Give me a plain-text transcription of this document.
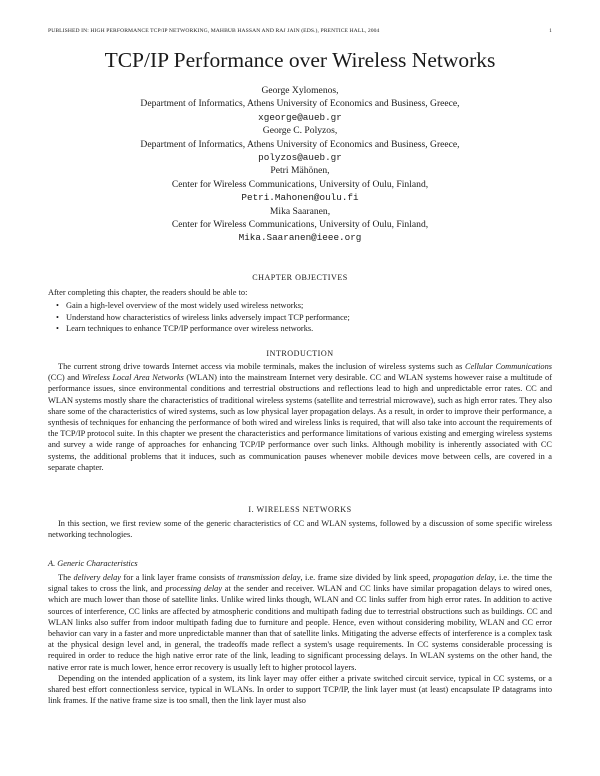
PUBLISHED IN: HIGH PERFORMANCE TCP/IP NETWORKING, MAHBUB HASSAN AND RAJ JAIN (EDS.), PRENTICE HALL, 2004	1
TCP/IP Performance over Wireless Networks
George Xylomenos,
Department of Informatics, Athens University of Economics and Business, Greece,
xgeorge@aueb.gr
George C. Polyzos,
Department of Informatics, Athens University of Economics and Business, Greece,
polyzos@aueb.gr
Petri Mähönen,
Center for Wireless Communications, University of Oulu, Finland,
Petri.Mahonen@oulu.fi
Mika Saaranen,
Center for Wireless Communications, University of Oulu, Finland,
Mika.Saaranen@ieee.org
CHAPTER OBJECTIVES
After completing this chapter, the readers should be able to:
• Gain a high-level overview of the most widely used wireless networks;
• Understand how characteristics of wireless links adversely impact TCP performance;
• Learn techniques to enhance TCP/IP performance over wireless networks.
INTRODUCTION

The current strong drive towards Internet access via mobile terminals, makes the inclusion of wireless systems such as Cellular Communications (CC) and Wireless Local Area Networks (WLAN) into the mainstream Internet very desirable. CC and WLAN systems however raise a multitude of performance issues, since environmental conditions and terrestrial obstructions and reflections lead to high and unpredictable error rates. CC and WLAN systems mostly share the characteristics of traditional wireless systems (satellite and terrestrial microwave), such as high error rates. They also share some of the characteristics of wired systems, such as low physical layer propagation delays. As a result, in order to improve their performance, a synthesis of techniques for enhancing the performance of both wired and wireless links is required, that will also take into account the requirements of the TCP/IP protocol suite. In this chapter we present the characteristics and performance limitations of various existing and emerging wireless systems and survey a wide range of approaches for enhancing TCP/IP performance over such links. Although mobility is inherently associated with CC systems, the additional problems that it induces, such as communication pauses whenever mobile devices move between cells, are covered in a separate chapter.

I. WIRELESS NETWORKS

In this section, we first review some of the generic characteristics of CC and WLAN systems, followed by a discussion of some specific wireless networking technologies.

A. Generic Characteristics

The delivery delay for a link layer frame consists of transmission delay, i.e. frame size divided by link speed, propagation delay, i.e. the time the signal takes to cross the link, and processing delay at the sender and receiver. WLAN and CC links have similar propagation delays to wired ones, which are much lower than those of satellite links. Unlike wired links though, WLAN and CC links suffer from high error rates. In addition to active sources of interference, CC links are affected by atmospheric conditions and multipath fading due to terrestrial obstructions such as buildings. CC and WLAN links also suffer from indoor multipath fading due to furniture and people. Hence, even without considering mobility, WLAN and CC error behavior can vary in a faster and more unpredictable manner than that of satellite links. Mitigating the adverse effects of interference is a complex task at the physical design level and, in general, the tradeoffs made reflect a system's usage requirements. In CC systems considerable processing is required in order to reduce the high native error rate of the link, leading to significant processing delays. In WLAN systems on the other hand, the native error rate is much lower, hence error recovery is usually left to higher protocol layers.

Depending on the intended application of a system, its link layer may offer either a private switched circuit service, typical in CC systems, or a shared best effort connectionless service, typical in WLANs. In order to support TCP/IP, the link layer must (at least) encapsulate IP datagrams into link frames. If the native frame size is too small, then the link layer must also
